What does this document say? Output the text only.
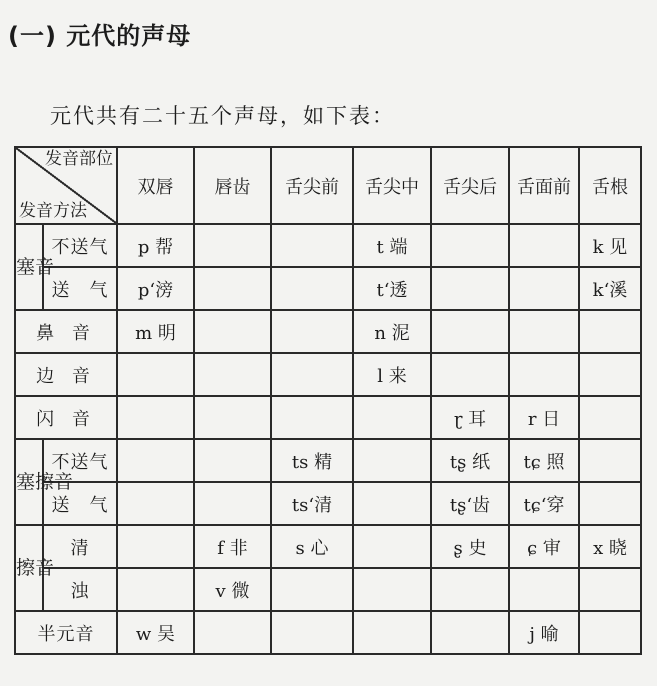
(一) 元代的声母
元代共有二十五个声母，如下表：
发音部位
发音方法		双唇	唇齿	舌尖前	舌尖中	舌尖后	舌面前	舌根
塞音	不送气	p 帮			t 端			k 见
	送　气	p‘滂			t‘透			k‘溪
鼻 音		m 明			n 泥			
边 音					l 来			
闪 音						ɽ 耳	r 日	
塞擦音	不送气			ts 精		tʂ 纸	tɕ 照	
	送　气			ts‘清		tʂ‘齿	tɕ‘穿	
擦音	清		f 非	s 心		ʂ 史	ɕ 审	x 晓
	浊		v 微					
半元音		w 吴					j 喻	
